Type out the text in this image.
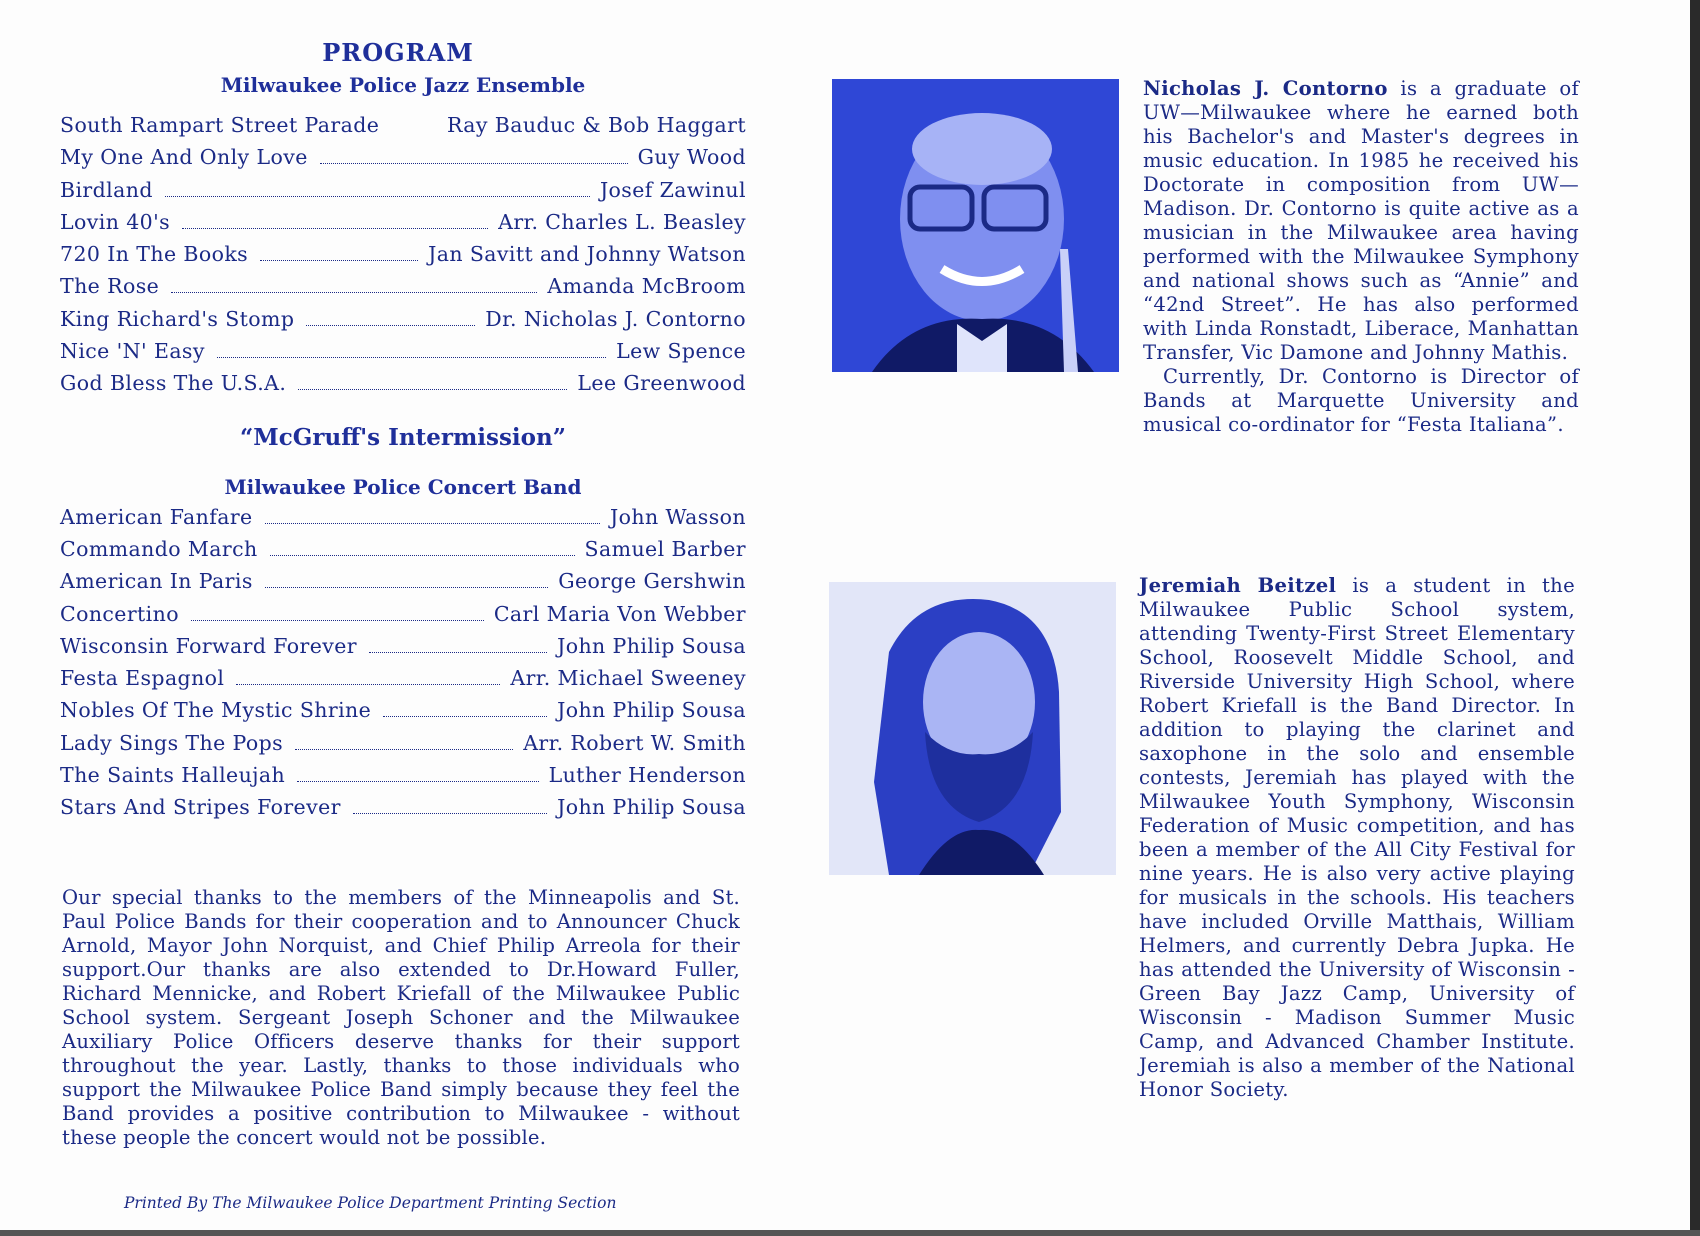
PROGRAM
Milwaukee Police Jazz Ensemble
South Rampart Street Parade	Ray Bauduc & Bob Haggart
My One And Only Love	Guy Wood
Birdland	Josef Zawinul
Lovin 40's	Arr. Charles L. Beasley
720 In The Books	Jan Savitt and Johnny Watson
The Rose	Amanda McBroom
King Richard's Stomp	Dr. Nicholas J. Contorno
Nice 'N' Easy	Lew Spence
God Bless The U.S.A.	Lee Greenwood
“McGruff's Intermission”
Milwaukee Police Concert Band
American Fanfare	John Wasson
Commando March	Samuel Barber
American In Paris	George Gershwin
Concertino	Carl Maria Von Webber
Wisconsin Forward Forever	John Philip Sousa
Festa Espagnol	Arr. Michael Sweeney
Nobles Of The Mystic Shrine	John Philip Sousa
Lady Sings The Pops	Arr. Robert W. Smith
The Saints Halleujah	Luther Henderson
Stars And Stripes Forever	John Philip Sousa

Our special thanks to the members of the Minneapolis and St. Paul Police Bands for their cooperation and to Announcer Chuck Arnold, Mayor John Norquist, and Chief Philip Arreola for their support.Our thanks are also extended to Dr.Howard Fuller, Richard Mennicke, and Robert Kriefall of the Milwaukee Public School system. Sergeant Joseph Schoner and the Milwaukee Auxiliary Police Officers deserve thanks for their support throughout the year. Lastly, thanks to those individuals who support the Milwaukee Police Band simply because they feel the Band provides a positive contribution to Milwaukee - without these people the concert would not be possible.

Printed By The Milwaukee Police Department Printing Section

Nicholas J. Contorno is a graduate of UW—Milwaukee where he earned both his Bachelor's and Master's degrees in music education. In 1985 he received his Doctorate in composition from UW—Madison. Dr. Contorno is quite active as a musician in the Milwaukee area having performed with the Milwaukee Symphony and national shows such as “Annie” and “42nd Street”. He has also performed with Linda Ronstadt, Liberace, Manhattan Transfer, Vic Damone and Johnny Mathis.

Currently, Dr. Contorno is Director of Bands at Marquette University and musical co-ordinator for “Festa Italiana”.

Jeremiah Beitzel is a student in the Milwaukee Public School system, attending Twenty-First Street Elementary School, Roosevelt Middle School, and Riverside University High School, where Robert Kriefall is the Band Director. In addition to playing the clarinet and saxophone in the solo and ensemble contests, Jeremiah has played with the Milwaukee Youth Symphony, Wisconsin Federation of Music competition, and has been a member of the All City Festival for nine years. He is also very active playing for musicals in the schools. His teachers have included Orville Matthais, William Helmers, and currently Debra Jupka. He has attended the University of Wisconsin - Green Bay Jazz Camp, University of Wisconsin - Madison Summer Music Camp, and Advanced Chamber Institute. Jeremiah is also a member of the National Honor Society.
